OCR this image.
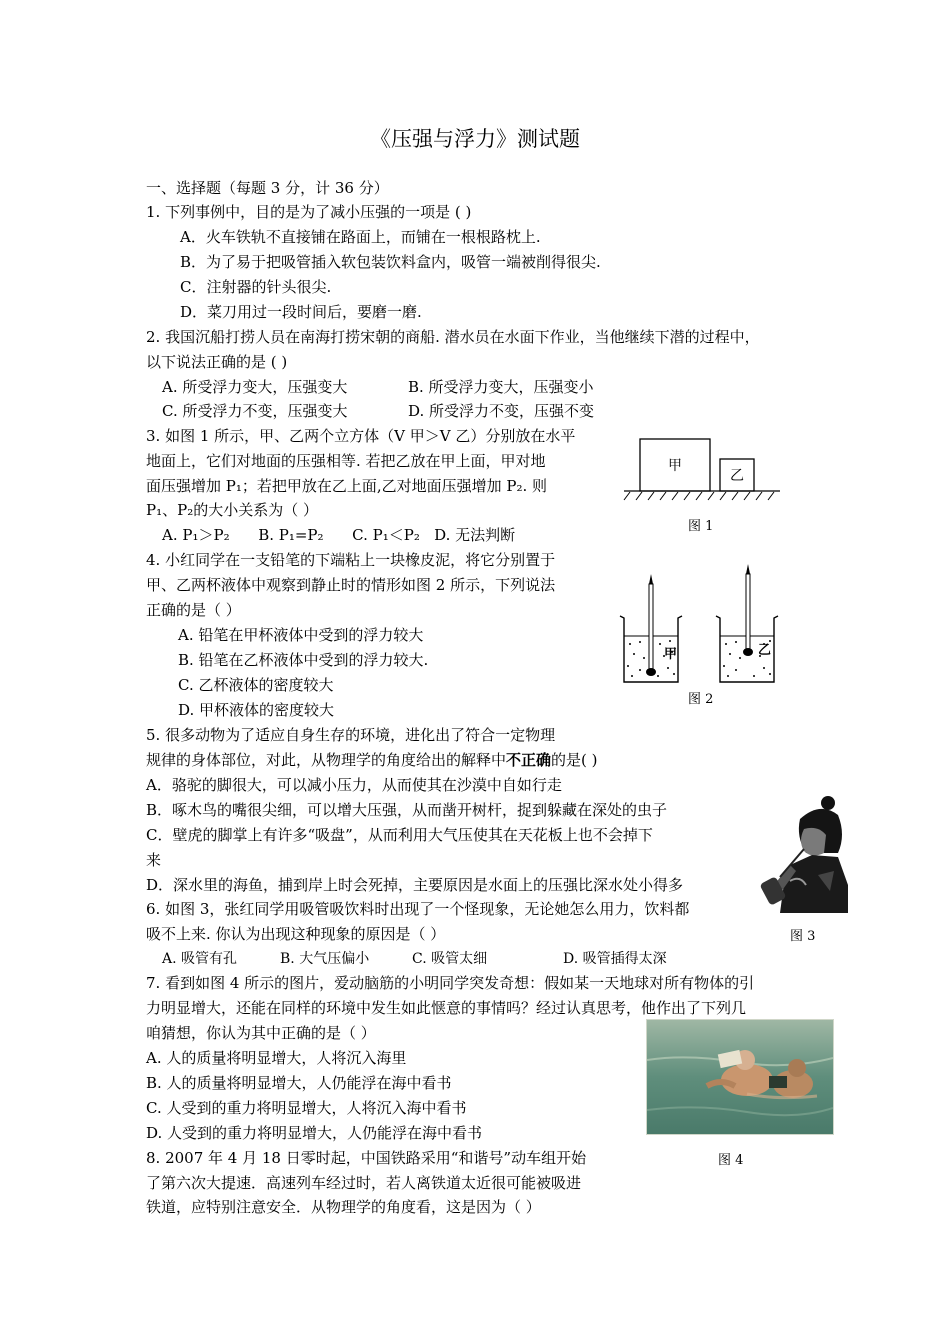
《压强与浮力》测试题
一、选择题（每题 3 分，计 36 分）
1. 下列事例中，目的是为了减小压强的一项是 ( )
A．火车铁轨不直接铺在路面上，而铺在一根根路枕上.
B．为了易于把吸管插入软包装饮料盒内，吸管一端被削得很尖.
C．注射器的针头很尖.
D．菜刀用过一段时间后，要磨一磨.
2. 我国沉船打捞人员在南海打捞宋朝的商船. 潜水员在水面下作业，当他继续下潜的过程中，
以下说法正确的是 ( )
A. 所受浮力变大，压强变大	B. 所受浮力变大，压强变小
C. 所受浮力不变，压强变大	D. 所受浮力不变，压强不变
3. 如图 1 所示，甲、乙两个立方体（V 甲＞V 乙）分别放在水平
地面上，它们对地面的压强相等. 若把乙放在甲上面，甲对地
面压强增加 P₁；若把甲放在乙上面,乙对地面压强增加 P₂. 则
P₁、P₂的大小关系为（ ）
A. P₁＞P₂      B. P₁=P₂      C. P₁＜P₂   D. 无法判断
甲
乙
图 1
4. 小红同学在一支铅笔的下端粘上一块橡皮泥，将它分别置于
甲、乙两杯液体中观察到静止时的情形如图 2 所示，下列说法
正确的是（ ）
A. 铅笔在甲杯液体中受到的浮力较大
B. 铅笔在乙杯液体中受到的浮力较大.
C. 乙杯液体的密度较大
D. 甲杯液体的密度较大
甲	乙
图 2
5. 很多动物为了适应自身生存的环境，进化出了符合一定物理
规律的身体部位，对此，从物理学的角度给出的解释中不正确的是( )
A．骆驼的脚很大，可以减小压力，从而使其在沙漠中自如行走
B．啄木鸟的嘴很尖细，可以增大压强，从而凿开树杆，捉到躲藏在深处的虫子
C．壁虎的脚掌上有许多“吸盘”，从而利用大气压使其在天花板上也不会掉下
来
D．深水里的海鱼，捕到岸上时会死掉，主要原因是水面上的压强比深水处小得多
图 3
6. 如图 3，张红同学用吸管吸饮料时出现了一个怪现象，无论她怎么用力，饮料都
吸不上来. 你认为出现这种现象的原因是（ ）
A. 吸管有孔	B. 大气压偏小	C. 吸管太细	D. 吸管插得太深
7. 看到如图 4 所示的图片，爱动脑筋的小明同学突发奇想：假如某一天地球对所有物体的引
力明显增大，还能在同样的环境中发生如此惬意的事情吗？经过认真思考，他作出了下列几
咱猜想，你认为其中正确的是（ ）
A. 人的质量将明显增大，人将沉入海里
B. 人的质量将明显增大，人仍能浮在海中看书
C. 人受到的重力将明显增大，人将沉入海中看书
D. 人受到的重力将明显增大，人仍能浮在海中看书
图 4
8. 2007 年 4 月 18 日零时起，中国铁路采用“和谐号”动车组开始
了第六次大提速．高速列车经过时，若人离铁道太近很可能被吸进
铁道，应特别注意安全．从物理学的角度看，这是因为（ ）
